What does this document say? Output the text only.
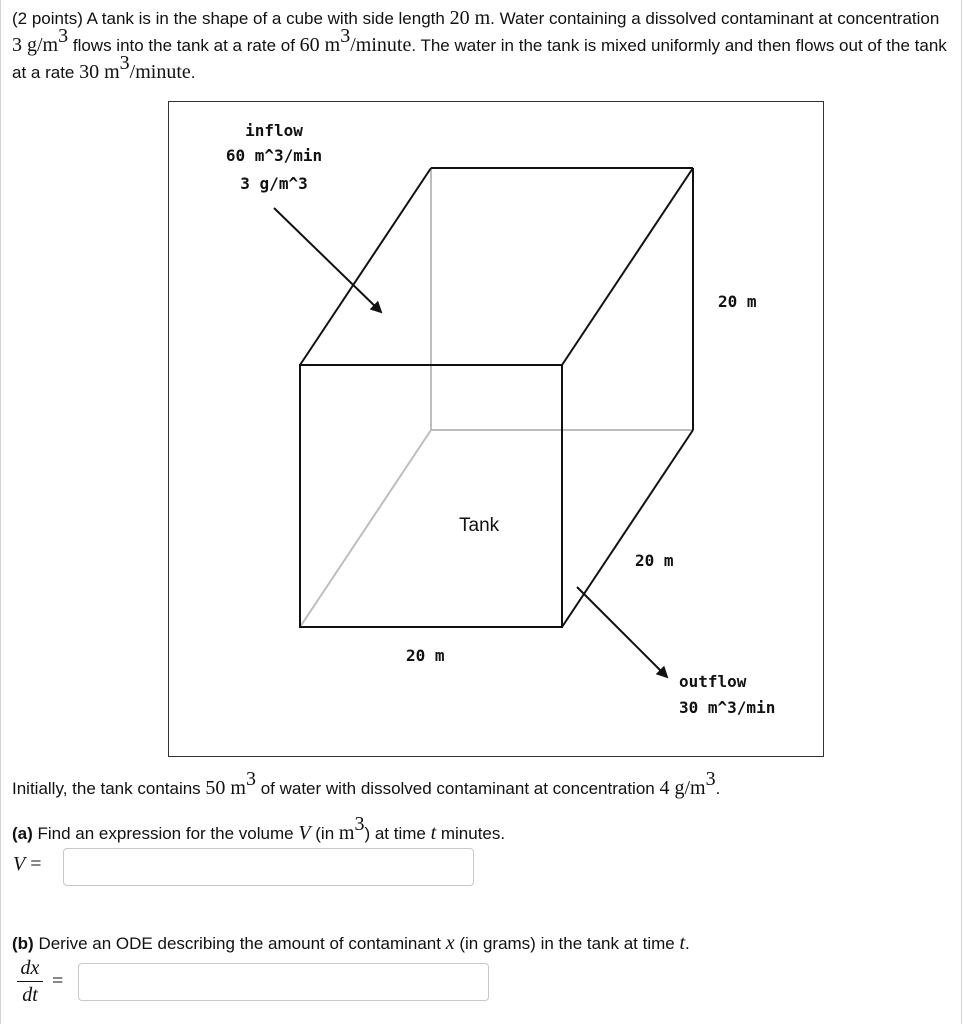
(2 points) A tank is in the shape of a cube with side length 20 m. Water containing a dissolved contaminant at concentration 3 $g/m^3$ flows into the tank at a rate of 60 $m^3$/minute. The water in the tank is mixed uniformly and then flows out of the tank at a rate 30 $m^3$/minute.

inflow
60 m^3/min
3 g/m^3
20 m
Tank
20 m
20 m
outflow
30 m^3/min

Initially, the tank contains 50 $m^3$ of water with dissolved contaminant at concentration 4 $g/m^3$.

(a) Find an expression for the volume V (in $m^3$) at time t minutes.

V =

(b) Derive an ODE describing the amount of contaminant x (in grams) in the tank at time t.

dx
dt
=
